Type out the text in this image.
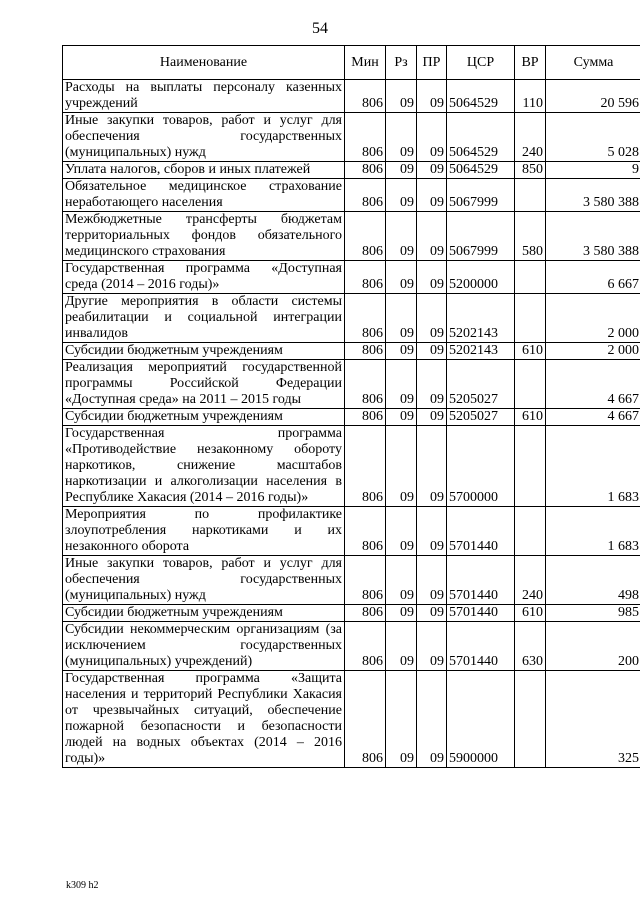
54
Наименование	Мин	Рз	ПР	ЦСР	ВР	Сумма
Расходы на выплаты персоналу казенных учреждений	806	09	09	5064529	110	20 596
Иные закупки товаров, работ и услуг для обеспечения государственных (муниципальных) нужд	806	09	09	5064529	240	5 028
Уплата налогов, сборов и иных платежей	806	09	09	5064529	850	9
Обязательное медицинское страхование неработающего населения	806	09	09	5067999		3 580 388
Межбюджетные трансферты бюджетам территориальных фондов обязательного медицинского страхования	806	09	09	5067999	580	3 580 388
Государственная программа «Доступная среда (2014 – 2016 годы)»	806	09	09	5200000		6 667
Другие мероприятия в области системы реабилитации и социальной интеграции инвалидов	806	09	09	5202143		2 000
Субсидии бюджетным учреждениям	806	09	09	5202143	610	2 000
Реализация мероприятий государственной программы Российской Федерации «Доступная среда» на 2011 – 2015 годы	806	09	09	5205027		4 667
Субсидии бюджетным учреждениям	806	09	09	5205027	610	4 667
Государственная программа «Противодействие незаконному обороту наркотиков, снижение масштабов наркотизации и алкоголизации населения в Республике Хакасия (2014 – 2016 годы)»	806	09	09	5700000		1 683
Мероприятия по профилактике злоупотребления наркотиками и их незаконного оборота	806	09	09	5701440		1 683
Иные закупки товаров, работ и услуг для обеспечения государственных (муниципальных) нужд	806	09	09	5701440	240	498
Субсидии бюджетным учреждениям	806	09	09	5701440	610	985
Субсидии некоммерческим организациям (за исключением государственных (муниципальных) учреждений)	806	09	09	5701440	630	200
Государственная программа «Защита населения и территорий Республики Хакасия от чрезвычайных ситуаций, обеспечение пожарной безопасности и безопасности людей на водных объектах (2014 – 2016 годы)»	806	09	09	5900000		325
k309 h2
